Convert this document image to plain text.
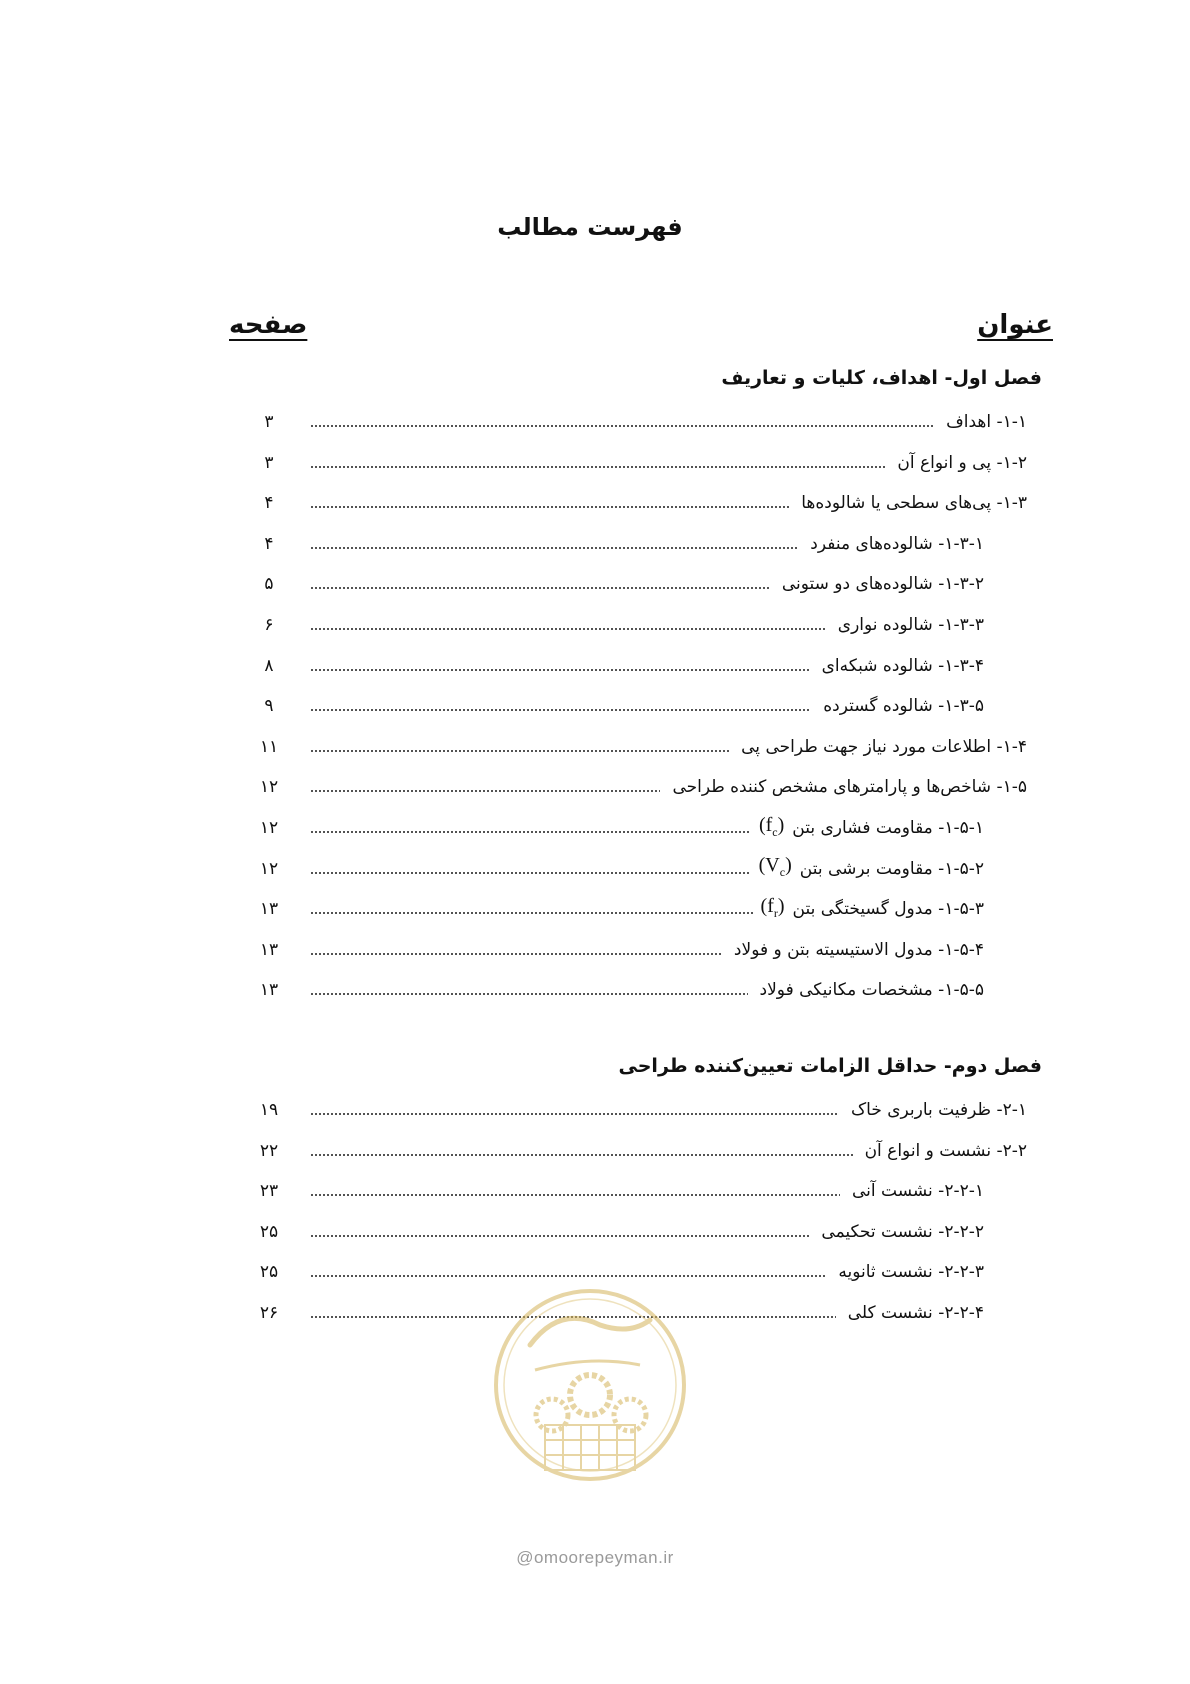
فهرست مطالب
عنوان
صفحه
فصل اول- اهداف، کلیات و تعاریف
فصل دوم- حداقل الزامات تعیین‌کننده طراحی
۱-۱- اهداف
۳
۱-۲- پی و انواع آن
۳
۱-۳- پی‌های سطحی یا شالوده‌ها
۴
۱-۳-۱- شالوده‌های منفرد
۴
۱-۳-۲- شالوده‌های دو ستونی
۵
۱-۳-۳- شالوده نواری
۶
۱-۳-۴- شالوده شبکه‌ای
۸
۱-۳-۵- شالوده گسترده
۹
۱-۴- اطلاعات مورد نیاز جهت طراحی پی
۱۱
۱-۵- شاخص‌ها و پارامترهای مشخص کننده طراحی
۱۲
۱-۵-۱- مقاومت فشاری بتن
$(f_c)$
۱۲
۱-۵-۲- مقاومت برشی بتن
$(V_c)$
۱۲
۱-۵-۳- مدول گسیختگی بتن
$(f_r)$
۱۳
۱-۵-۴- مدول الاستیسیته بتن و فولاد
۱۳
۱-۵-۵- مشخصات مکانیکی فولاد
۱۳
۲-۱- ظرفیت باربری خاک
۱۹
۲-۲- نشست و انواع آن
۲۲
۲-۲-۱- نشست آنی
۲۳
۲-۲-۲- نشست تحکیمی
۲۵
۲-۲-۳- نشست ثانویه
۲۵
۲-۲-۴- نشست کلی
۲۶
@omoorepeyman.ir
